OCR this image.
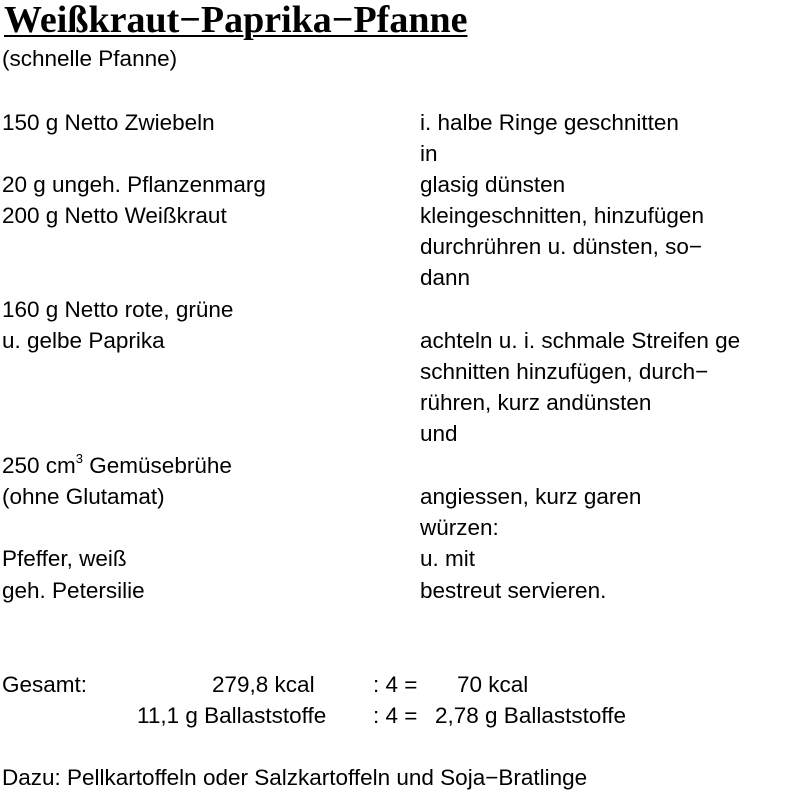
Weißkraut−Paprika−Pfanne
(schnelle Pfanne)
150 g Netto Zwiebeln	i. halbe Ringe geschnitten
in
20 g ungeh. Pflanzenmarg	glasig dünsten
200 g Netto Weißkraut	kleingeschnitten, hinzufügen
durchrühren u. dünsten, so−
dann
160 g Netto rote, grüne
u. gelbe Paprika	achteln u. i. schmale Streifen ge
schnitten hinzufügen, durch−
rühren, kurz andünsten
und
250 $cm^3$ Gemüsebrühe
(ohne Glutamat)	angiessen, kurz garen
würzen:
Pfeffer, weiß	u. mit
geh. Petersilie	bestreut servieren.
Gesamt:	279,8 kcal	: 4 = 70 kcal
11,1 g Ballaststoffe : 4 = 2,78 g Ballaststoffe
Dazu: Pellkartoffeln oder Salzkartoffeln und Soja−Bratlinge
